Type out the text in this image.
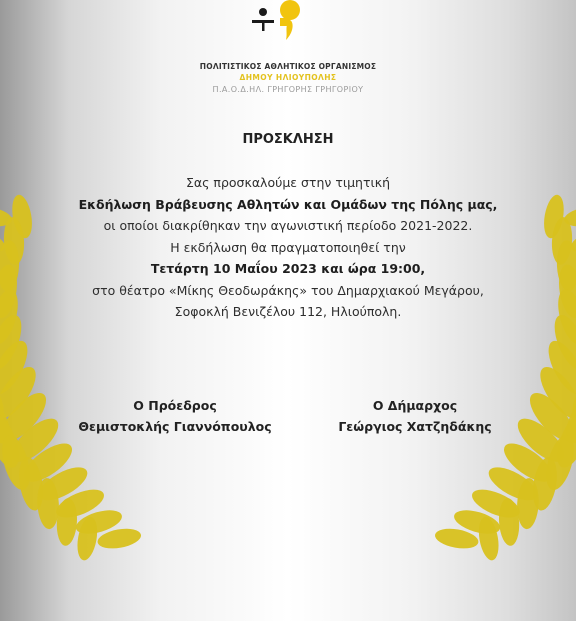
ΠΟΛΙΤΙΣΤΙΚΟΣ ΑΘΛΗΤΙΚΟΣ ΟΡΓΑΝΙΣΜΟΣ
ΔΗΜΟΥ ΗΛΙΟΥΠΟΛΗΣ
Π.Α.Ο.Δ.ΗΛ. ΓΡΗΓΟΡΗΣ ΓΡΗΓΟΡΙΟΥ
ΠΡΟΣΚΛΗΣΗ
Σας προσκαλούμε στην τιμητική
Εκδήλωση Βράβευσης Αθλητών και Ομάδων της Πόλης μας,
οι οποίοι διακρίθηκαν την αγωνιστική περίοδο 2021-2022.
Η εκδήλωση θα πραγματοποιηθεί την
Τετάρτη 10 Μαΐου 2023 και ώρα 19:00,
στο θέατρο «Μίκης Θεοδωράκης» του Δημαρχιακού Μεγάρου,
Σοφοκλή Βενιζέλου 112, Ηλιούπολη.
Ο Πρόεδρος
Θεμιστοκλής Γιαννόπουλος
Ο Δήμαρχος
Γεώργιος Χατζηδάκης
